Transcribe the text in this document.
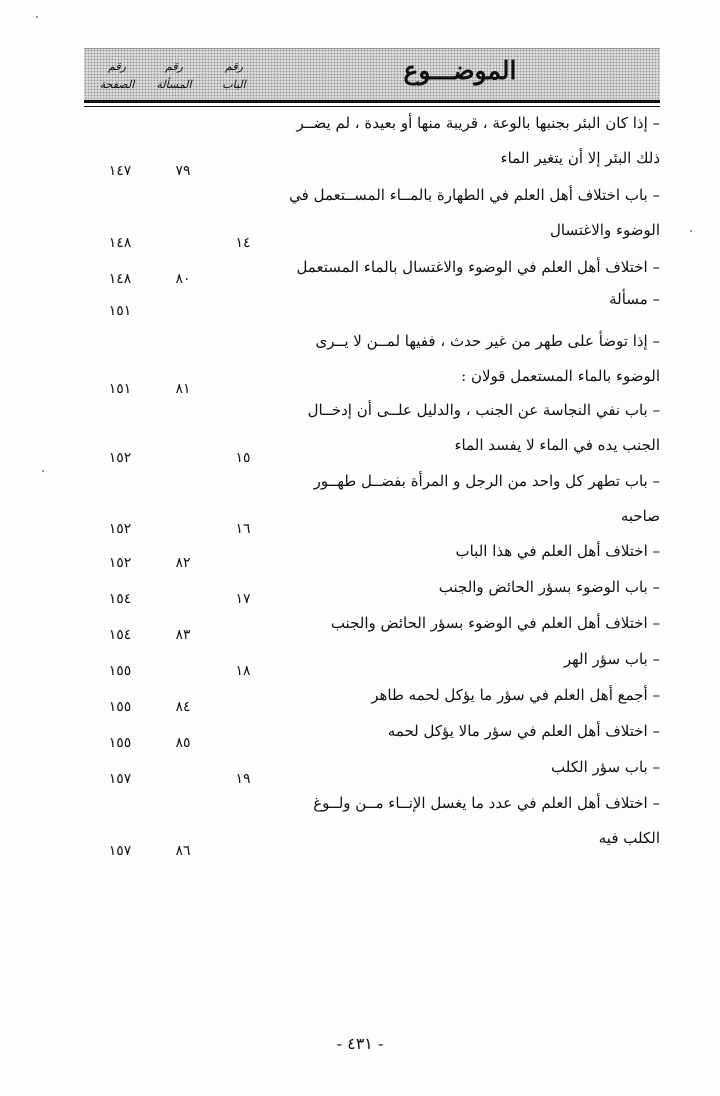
الموضـــوع
رقم
الباب
رقم
المسألة
رقم
الصفحة
– إذا كان البئر بجنبها بالوعة ، قريبة منها أو بعيدة ، لم يضــر
ذلك البئر إلا أن يتغير الماء
٧٩
١٤٧
– باب اختلاف أهل العلم في الطهارة بالمــاء المســتعمل في
الوضوء والاغتسال
١٤
١٤٨
– اختلاف أهل العلم في الوضوء والاغتسال بالماء المستعمل
٨٠
١٤٨
– مسألة
١٥١
– إذا توضأ على طهر من غير حدث ، ففيها لمــن لا يــرى
الوضوء بالماء المستعمل قولان :
٨١
١٥١
– باب نفي النجاسة عن الجنب ، والدليل علــى أن إدخــال
الجنب يده في الماء لا يفسد الماء
١٥
١٥٢
– باب تطهر كل واحد من الرجل و المرأة بفضــل طهــور
صاحبه
١٦
١٥٢
– اختلاف أهل العلم في هذا الباب
٨٢
١٥٢
– باب الوضوء بسؤر الحائض والجنب
١٧
١٥٤
– اختلاف أهل العلم في الوضوء بسؤر الحائض والجنب
٨٣
١٥٤
– باب سؤر الهر
١٨
١٥٥
– أجمع أهل العلم في سؤر ما يؤكل لحمه طاهر
٨٤
١٥٥
– اختلاف أهل العلم في سؤر مالا يؤكل لحمه
٨٥
١٥٥
– باب سؤر الكلب
١٩
١٥٧
– اختلاف أهل العلم في عدد ما يغسل الإنــاء مــن ولــوغ
الكلب فيه
٨٦
١٥٧
- ٤٣١ -
